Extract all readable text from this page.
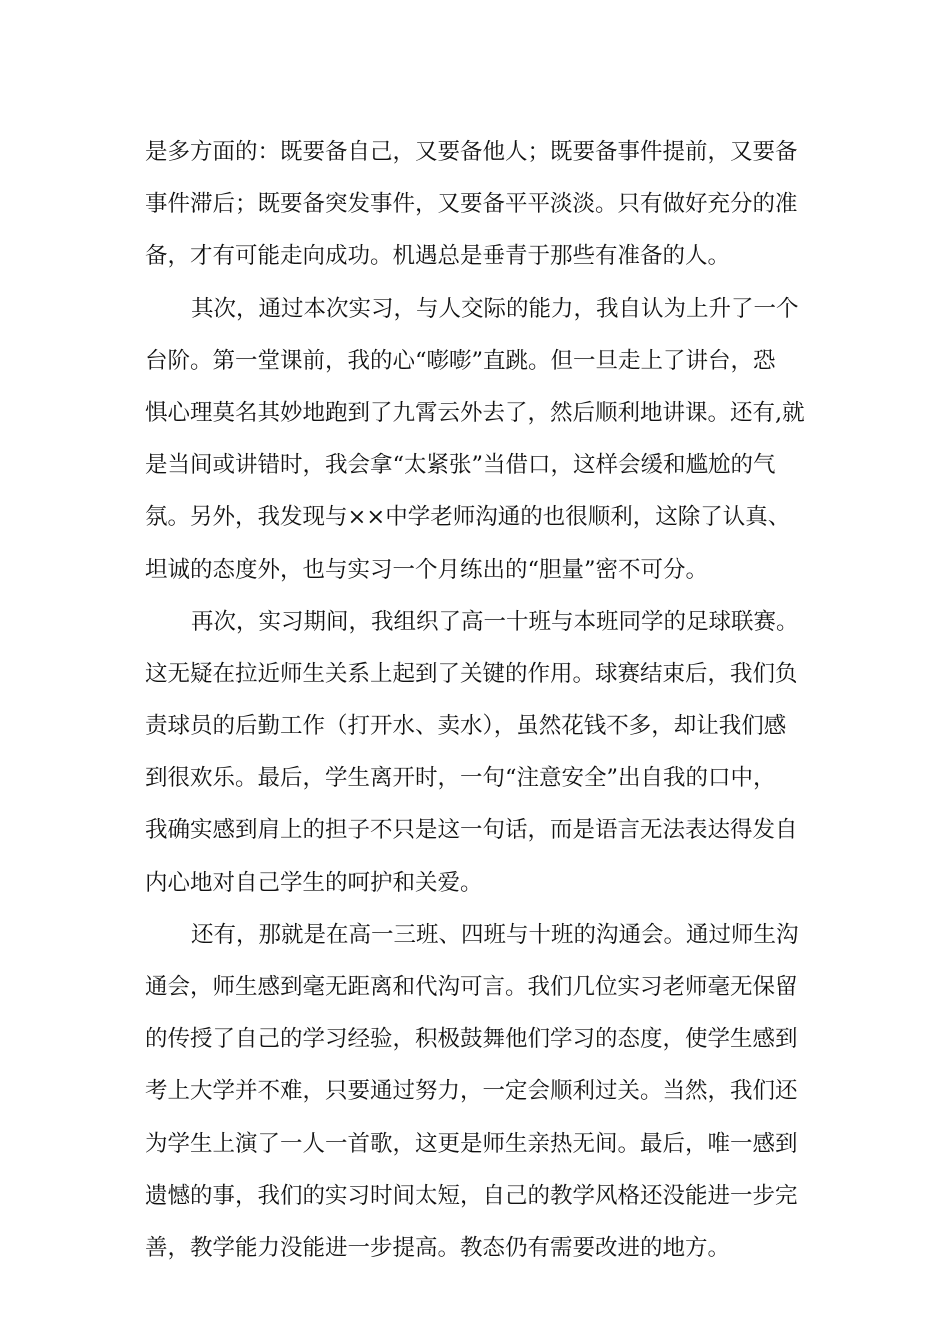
是多方面的：既要备自己，又要备他人；既要备事件提前，又要备
事件滞后；既要备突发事件，又要备平平淡淡。只有做好充分的准
备，才有可能走向成功。机遇总是垂青于那些有准备的人。
其次，通过本次实习，与人交际的能力，我自认为上升了一个
台阶。第一堂课前，我的心“嘭嘭”直跳。但一旦走上了讲台，恐
惧心理莫名其妙地跑到了九霄云外去了，然后顺利地讲课。还有,就
是当间或讲错时，我会拿“太紧张”当借口，这样会缓和尴尬的气
氛。另外，我发现与××中学老师沟通的也很顺利，这除了认真、
坦诚的态度外，也与实习一个月练出的“胆量”密不可分。
再次，实习期间，我组织了高一十班与本班同学的足球联赛。
这无疑在拉近师生关系上起到了关键的作用。球赛结束后，我们负
责球员的后勤工作（打开水、卖水），虽然花钱不多，却让我们感
到很欢乐。最后，学生离开时，一句“注意安全”出自我的口中，
我确实感到肩上的担子不只是这一句话，而是语言无法表达得发自
内心地对自己学生的呵护和关爱。
还有，那就是在高一三班、四班与十班的沟通会。通过师生沟
通会，师生感到毫无距离和代沟可言。我们几位实习老师毫无保留
的传授了自己的学习经验，积极鼓舞他们学习的态度，使学生感到
考上大学并不难，只要通过努力，一定会顺利过关。当然，我们还
为学生上演了一人一首歌，这更是师生亲热无间。最后，唯一感到
遗憾的事，我们的实习时间太短，自己的教学风格还没能进一步完
善，教学能力没能进一步提高。教态仍有需要改进的地方。
